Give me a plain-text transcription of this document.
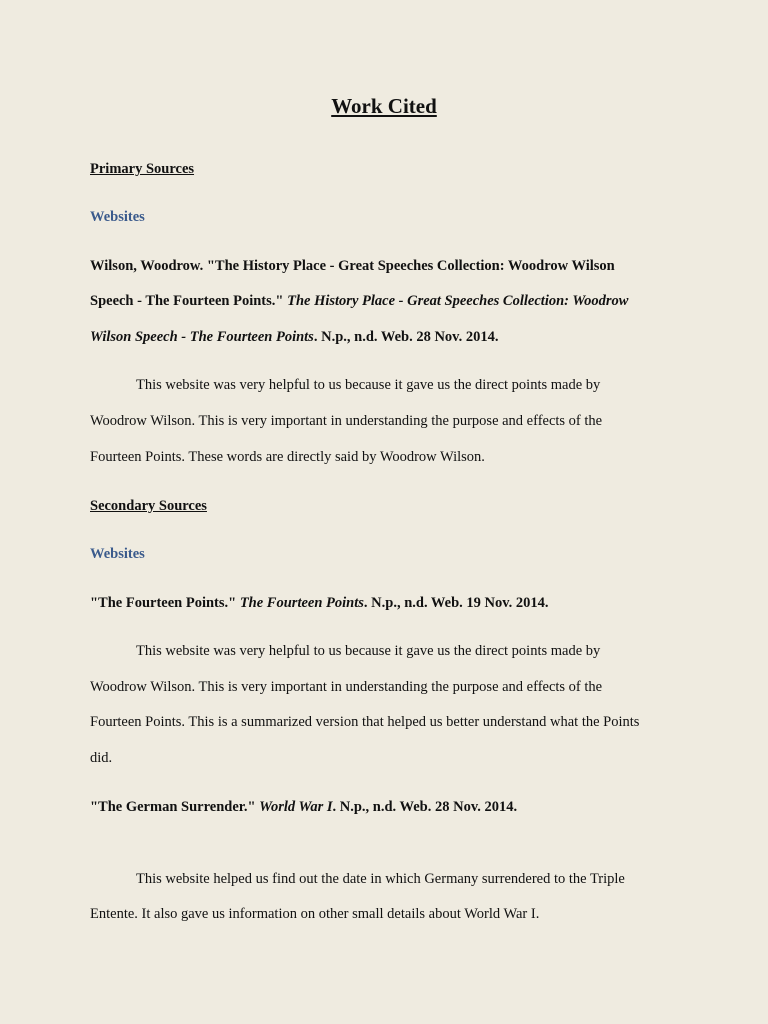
Work Cited
Primary Sources
Websites
Wilson, Woodrow. "The History Place - Great Speeches Collection: Woodrow Wilson
Speech - The Fourteen Points." The History Place - Great Speeches Collection: Woodrow
Wilson Speech - The Fourteen Points. N.p., n.d. Web. 28 Nov. 2014.
This website was very helpful to us because it gave us the direct points made by
Woodrow Wilson. This is very important in understanding the purpose and effects of the
Fourteen Points. These words are directly said by Woodrow Wilson.
Secondary Sources
Websites
"The Fourteen Points." The Fourteen Points. N.p., n.d. Web. 19 Nov. 2014.
This website was very helpful to us because it gave us the direct points made by
Woodrow Wilson. This is very important in understanding the purpose and effects of the
Fourteen Points. This is a summarized version that helped us better understand what the Points
did.
"The German Surrender." World War I. N.p., n.d. Web. 28 Nov. 2014.
This website helped us find out the date in which Germany surrendered to the Triple
Entente. It also gave us information on other small details about World War I.
